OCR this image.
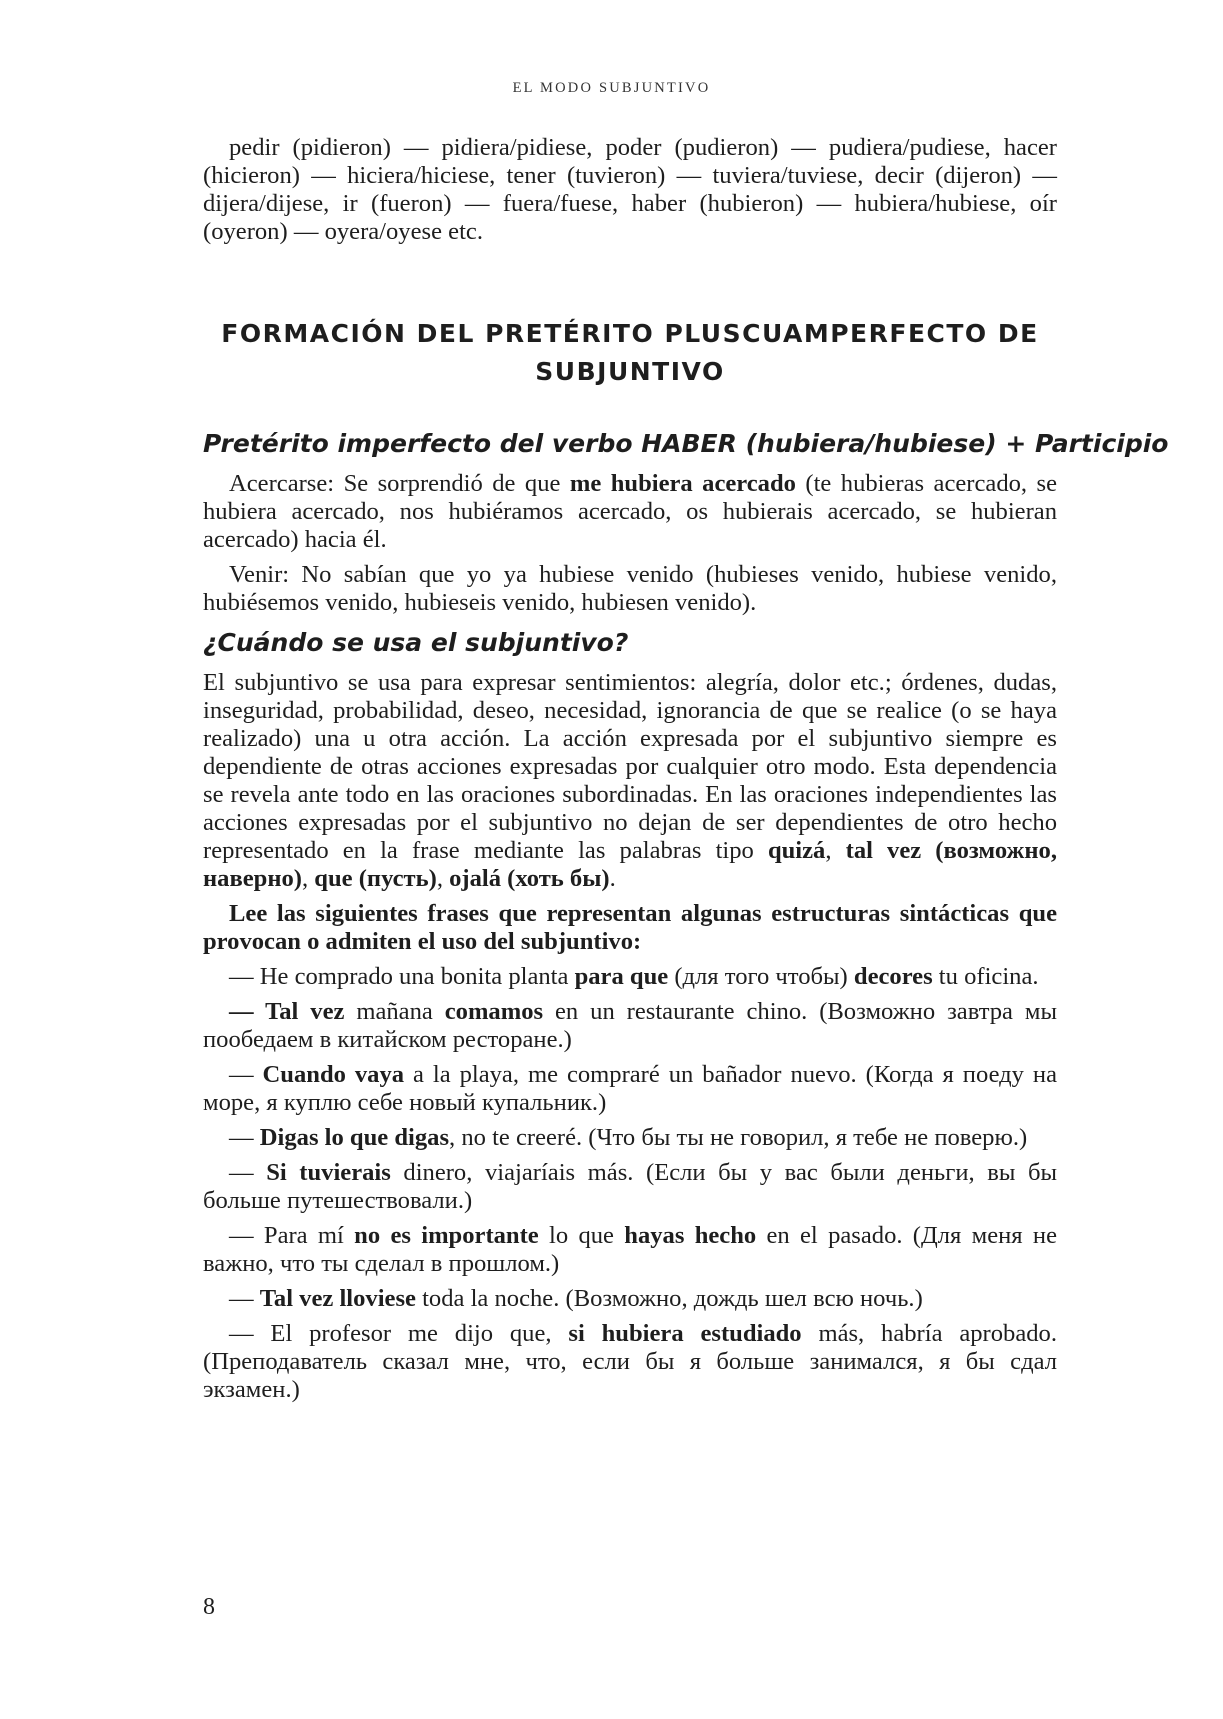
EL MODO SUBJUNTIVO

pedir (pidieron) — pidiera/pidiese, poder (pudieron) — pudiera/pudiese, hacer (hicieron) — hiciera/hiciese, tener (tuvieron) — tuviera/tuviese, decir (dijeron) — dijera/dijese, ir (fueron) — fuera/fuese, haber (hubieron) — hubiera/hubiese, oír (oyeron) — oyera/oyese etc.

FORMACIÓN DEL PRETÉRITO PLUSCUAMPERFECTO DE
SUBJUNTIVO
Pretérito imperfecto del verbo HABER (hubiera/hubiese) + Participio

Acercarse: Se sorprendió de que me hubiera acercado (te hubieras acercado, se hubiera acercado, nos hubiéramos acercado, os hubierais acercado, se hubieran acercado) hacia él.

Venir: No sabían que yo ya hubiese venido (hubieses venido, hubiese venido, hubiésemos venido, hubieseis venido, hubiesen venido).

¿Cuándo se usa el subjuntivo?

El subjuntivo se usa para expresar sentimientos: alegría, dolor etc.; órdenes, dudas, inseguridad, probabilidad, deseo, necesidad, ignorancia de que se realice (o se haya realizado) una u otra acción. La acción expresada por el subjuntivo siempre es dependiente de otras acciones expresadas por cualquier otro modo. Esta dependencia se revela ante todo en las oraciones subordinadas. En las oraciones independientes las acciones expresadas por el subjuntivo no dejan de ser dependientes de otro hecho representado en la frase mediante las palabras tipo quizá, tal vez (возможно, наверно), que (пусть), ojalá (хоть бы).

Lee las siguientes frases que representan algunas estructuras sintácticas que provocan o admiten el uso del subjuntivo:

— He comprado una bonita planta para que (для того чтобы) decores tu oficina.

— Tal vez mañana comamos en un restaurante chino. (Возможно завтра мы пообедаем в китайском ресторане.)

— Cuando vaya a la playa, me compraré un bañador nuevo. (Когда я поеду на море, я куплю себе новый купальник.)

— Digas lo que digas, no te creeré. (Что бы ты не говорил, я тебе не поверю.)

— Si tuvierais dinero, viajaríais más. (Если бы у вас были деньги, вы бы больше путешествовали.)

— Para mí no es importante lo que hayas hecho en el pasado. (Для меня не важно, что ты сделал в прошлом.)

— Tal vez lloviese toda la noche. (Возможно, дождь шел всю ночь.)

— El profesor me dijo que, si hubiera estudiado más, habría aprobado. (Преподаватель сказал мне, что, если бы я больше занимался, я бы сдал экзамен.)

8
